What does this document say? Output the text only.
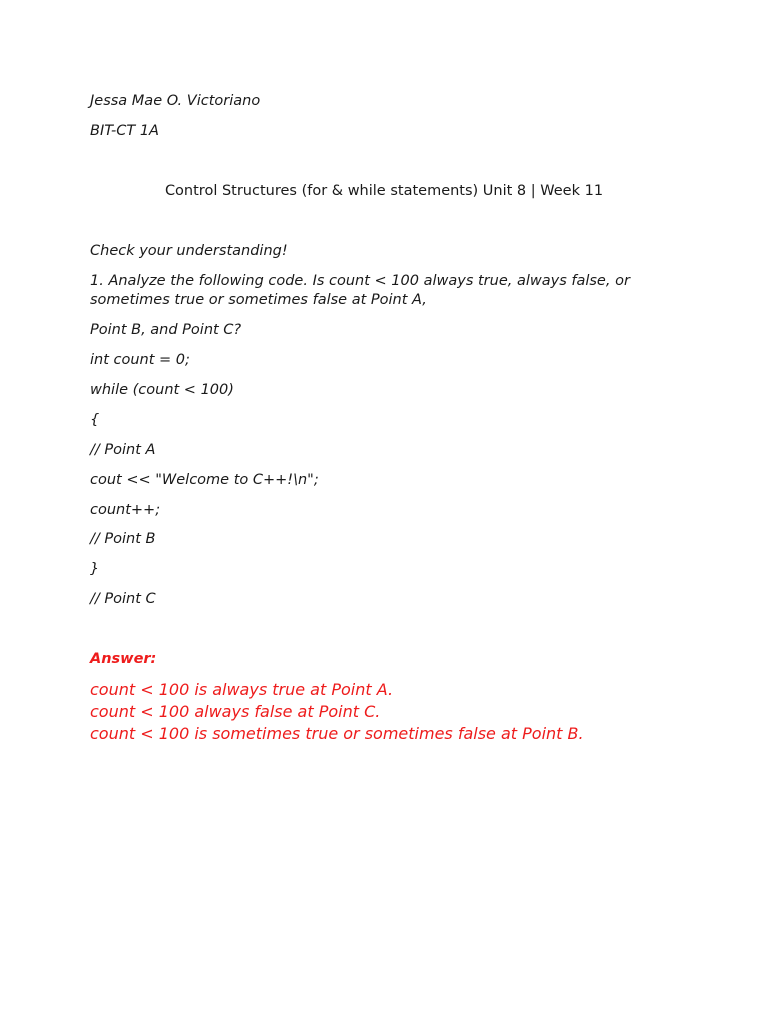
Jessa Mae O. Victoriano
BIT-CT 1A
Control Structures (for & while statements) Unit 8 | Week 11
Check your understanding!
1. Analyze the following code. Is count < 100 always true, always false, or sometimes true or sometimes false at Point A,
Point B, and Point C?
int count = 0;
while (count < 100)
{
// Point A
cout << "Welcome to C++!\n";
count++;
// Point B
}
// Point C
Answer:
count < 100 is always true at Point A.
count < 100 always false at Point C.
count < 100 is sometimes true or sometimes false at Point B.
